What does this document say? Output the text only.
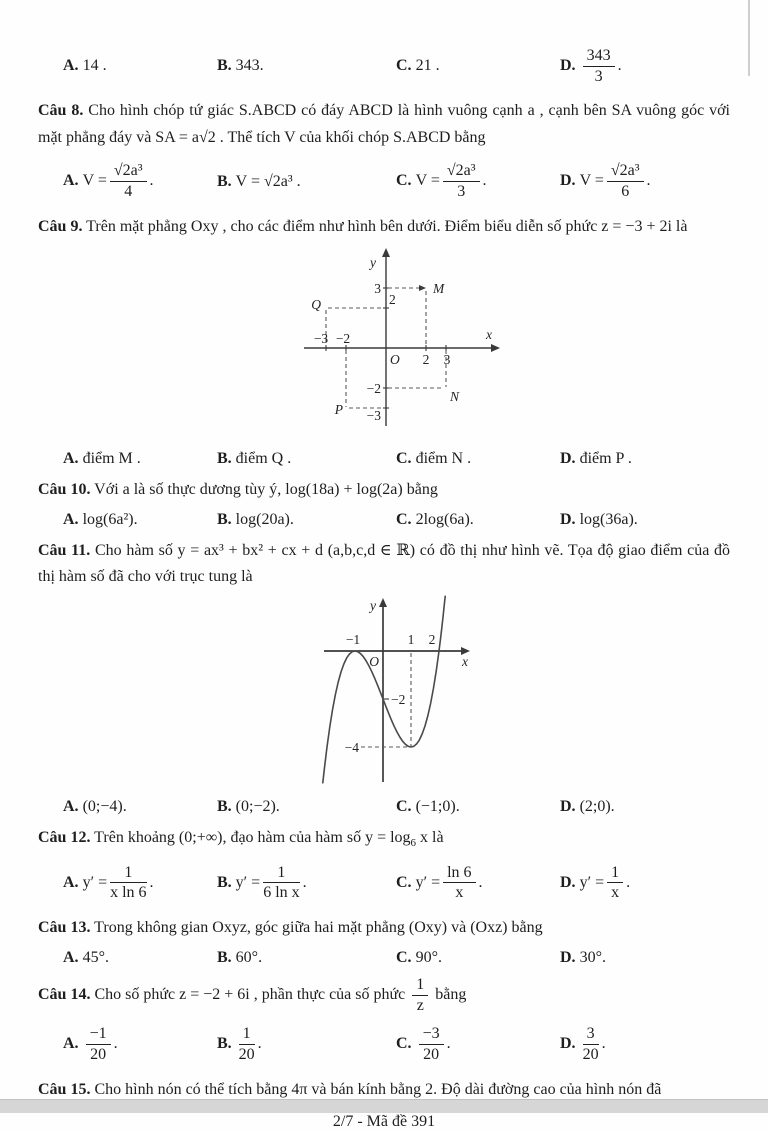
A. 14 .	B. 343.	C. 21 .	D. $\frac{343}{3}$ .
Câu 8. Cho hình chóp tứ giác S.ABCD có đáy ABCD là hình vuông cạnh a , cạnh bên SA vuông góc với mặt phẳng đáy và SA = a√2 . Thể tích V của khối chóp S.ABCD bằng
A. $V = \frac{\text{√2a³}}{4}$ .	B. V = √2a³ .	C. $V = \frac{\text{√2a³}}{3}$ .	D. $V = \frac{\text{√2a³}}{6}$ .
Câu 9. Trên mặt phẳng Oxy , cho các điểm như hình bên dưới. Điểm biểu diễn số phức z = −3 + 2i là
y
x
O
3
2
−2
−3
−3 −2
2 3
M
Q
N
P
A. điểm M .	B. điểm Q .	C. điểm N .	D. điểm P .
Câu 10. Với a là số thực dương tùy ý, log(18a) + log(2a) bằng
A. log(6a²).	B. log(20a).	C. 2log(6a).	D. log(36a).
Câu 11. Cho hàm số y = ax³ + bx² + cx + d (a,b,c,d ∈ ℝ) có đồ thị như hình vẽ. Tọa độ giao điểm của đồ thị hàm số đã cho với trục tung là
y
x
O
−1	1 2
−2
−4
A. (0;−4).	B. (0;−2).	C. (−1;0).	D. (2;0).
Câu 12. Trên khoảng (0;+∞), đạo hàm của hàm số $y = \log_6 x$ là
A. $y' = \frac{1}{\text{x ln 6}}$ .	B. $y' = \frac{1}{\text{6 ln x}}$ .	C. $y' = \frac{\ln 6}{x}$ .	D. $y' = \frac{1}{x}$ .
Câu 13. Trong không gian Oxyz, góc giữa hai mặt phẳng (Oxy) và (Oxz) bằng
A. 45°.	B. 60°.	C. 90°.	D. 30°.
Câu 14. Cho số phức z = −2 + 6i , phần thực của số phức $\frac{1}{z}$ bằng
A. $\frac{-1}{20}$ .	B. $\frac{1}{20}$ .	C. $\frac{-3}{20}$ .	D. $\frac{3}{20}$ .
Câu 15. Cho hình nón có thể tích bằng 4π và bán kính bằng 2. Độ dài đường cao của hình nón đã
2/7 - Mã đề 391
